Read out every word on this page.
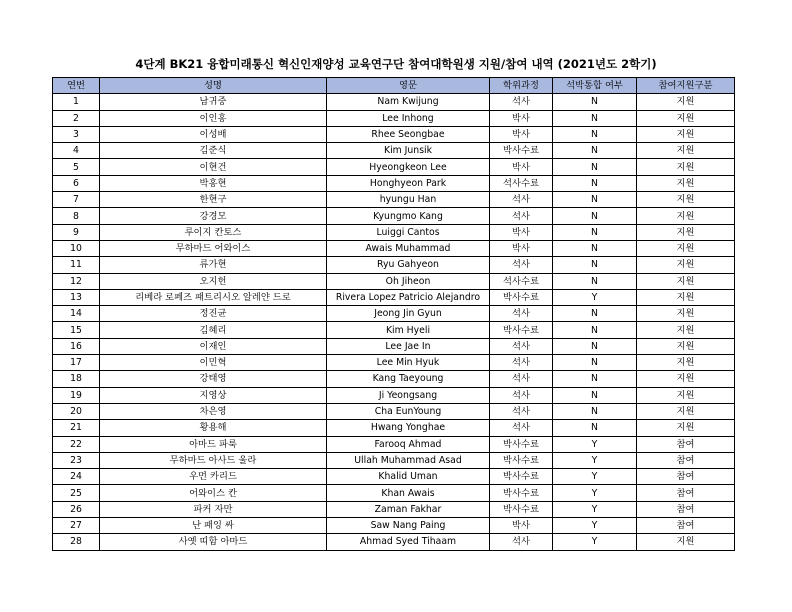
4단계 BK21 융합미래통신 혁신인재양성 교육연구단 참여대학원생 지원/참여 내역 (2021년도 2학기)
연번	성명	영문	학위과정	석박통합 여부	참여지원구분
1	남귀중	Nam Kwijung	석사	N	지원
2	이인홍	Lee Inhong	박사	N	지원
3	이성배	Rhee Seongbae	박사	N	지원
4	김준식	Kim Junsik	박사수료	N	지원
5	이현건	Hyeongkeon Lee	박사	N	지원
6	박홍현	Honghyeon Park	석사수료	N	지원
7	한현구	hyungu Han	석사	N	지원
8	강경모	Kyungmo Kang	석사	N	지원
9	루이지 칸토스	Luiggi Cantos	박사	N	지원
10	무하마드 어와이스	Awais Muhammad	박사	N	지원
11	류가현	Ryu Gahyeon	석사	N	지원
12	오지헌	Oh Jiheon	석사수료	N	지원
13	리베라 로페즈 패트리시오 알레얀 드로	Rivera Lopez Patricio Alejandro	박사수료	Y	지원
14	정진균	Jeong Jin Gyun	석사	N	지원
15	김혜리	Kim Hyeli	박사수료	N	지원
16	이재인	Lee Jae In	석사	N	지원
17	이민혁	Lee Min Hyuk	석사	N	지원
18	강태영	Kang Taeyoung	석사	N	지원
19	지영상	Ji Yeongsang	석사	N	지원
20	차은영	Cha EunYoung	석사	N	지원
21	황용해	Hwang Yonghae	석사	N	지원
22	아마드 파룩	Farooq Ahmad	박사수료	Y	참여
23	무하마드 아사드 울라	Ullah Muhammad Asad	박사수료	Y	참여
24	우먼 카리드	Khalid Uman	박사수료	Y	참여
25	어와이스 칸	Khan Awais	박사수료	Y	참여
26	파커 자만	Zaman Fakhar	박사수료	Y	참여
27	난 패잉 싸	Saw Nang Paing	박사	Y	참여
28	사옛 띠함 아마드	Ahmad Syed Tihaam	석사	Y	지원
